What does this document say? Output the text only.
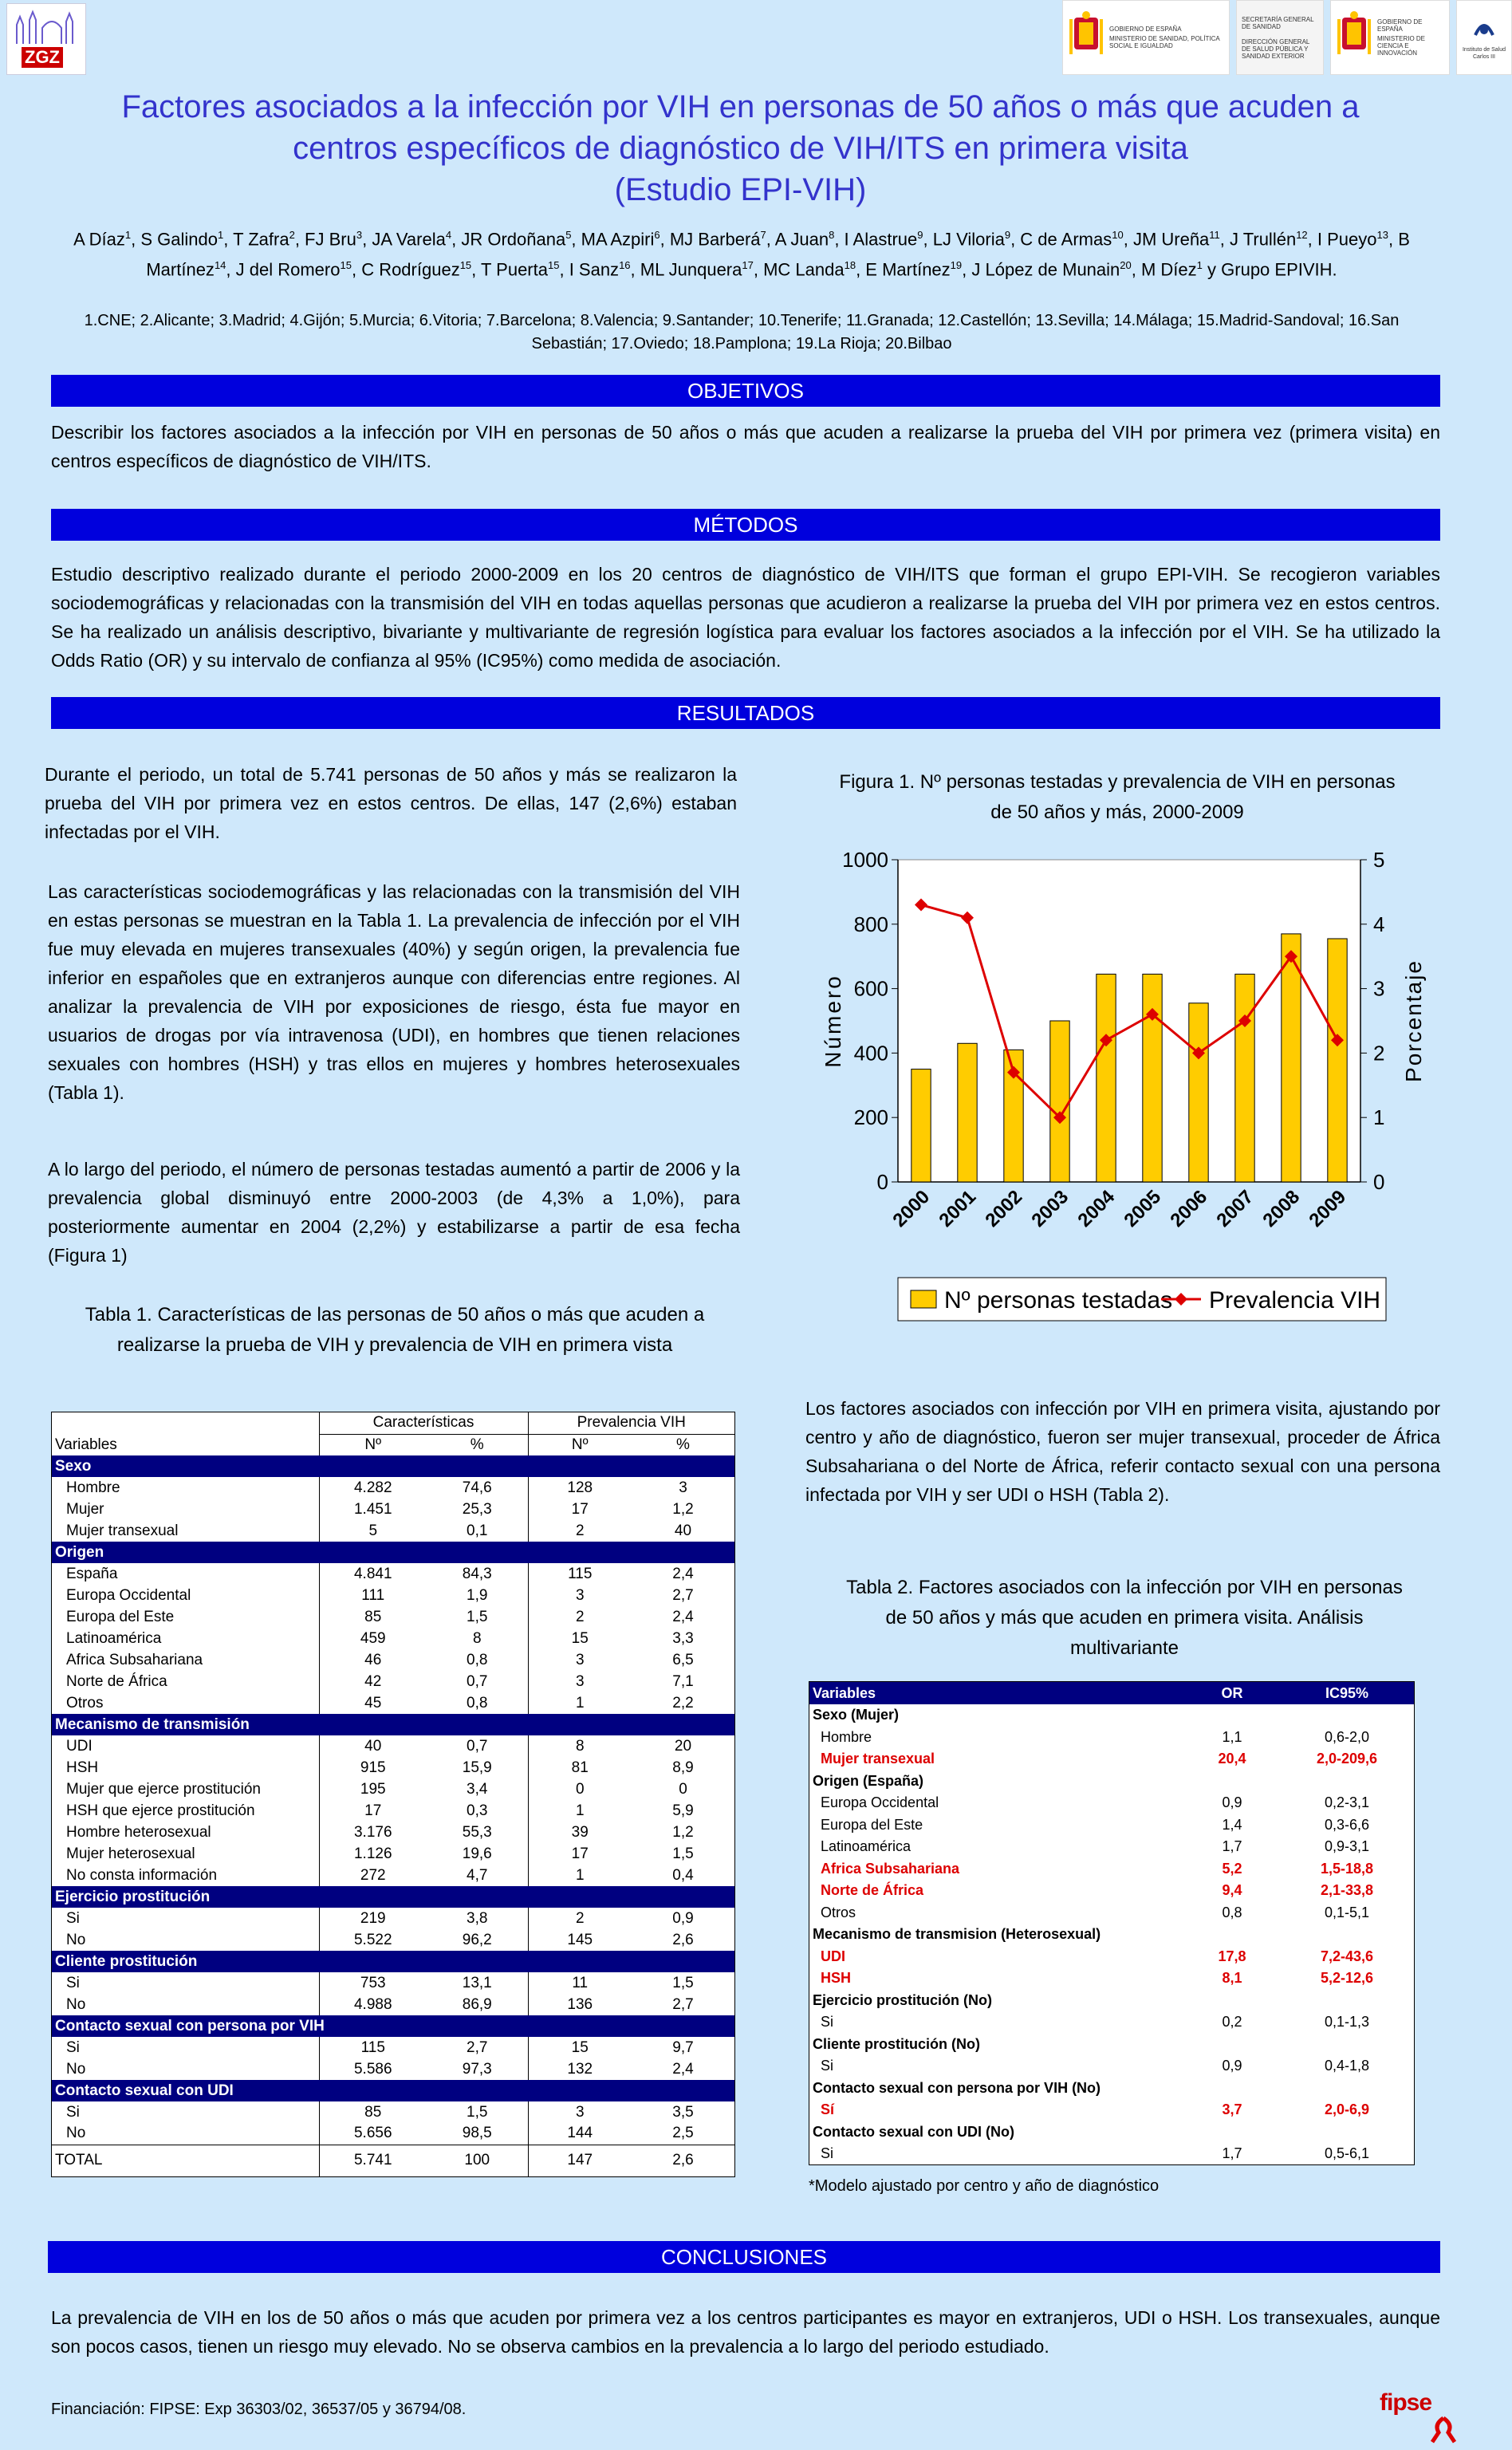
ZGZ
GOBIERNO DE ESPAÑA
MINISTERIO DE SANIDAD, POLÍTICA SOCIAL E IGUALDAD
SECRETARÍA GENERAL DE SANIDAD
DIRECCIÓN GENERAL DE SALUD PÚBLICA Y SANIDAD EXTERIOR
GOBIERNO DE ESPAÑA
MINISTERIO DE CIENCIA E INNOVACIÓN	Instituto de Salud Carlos III
Factores asociados a la infección por VIH en personas de 50 años o más que acuden a
centros específicos de diagnóstico de VIH/ITS en primera visita
(Estudio EPI-VIH)
A Díaz$^1$, S Galindo$^1$, T Zafra$^2$, FJ Bru$^3$, JA Varela$^4$, JR Ordoñana$^5$, MA Azpiri$^6$, MJ Barberá$^7$, A Juan$^8$, I Alastrue$^9$, LJ Viloria$^9$, C de Armas$^{10}$, JM Ureña$^{11}$, J Trullén$^{12}$, I Pueyo$^{13}$, B Martínez$^{14}$, J del Romero$^{15}$, C Rodríguez$^{15}$, T Puerta$^{15}$, I Sanz$^{16}$, ML Junquera$^{17}$, MC Landa$^{18}$, E Martínez$^{19}$, J López de Munain$^{20}$, M Díez$^1$ y Grupo EPIVIH.
1.CNE; 2.Alicante; 3.Madrid; 4.Gijón; 5.Murcia; 6.Vitoria; 7.Barcelona; 8.Valencia; 9.Santander; 10.Tenerife; 11.Granada; 12.Castellón; 13.Sevilla; 14.Málaga; 15.Madrid-Sandoval; 16.San Sebastián; 17.Oviedo; 18.Pamplona; 19.La Rioja; 20.Bilbao
OBJETIVOS
Describir los factores asociados a la infección por VIH en personas de 50 años o más que acuden a realizarse la prueba del VIH por primera vez (primera visita) en centros específicos de diagnóstico de VIH/ITS.
MÉTODOS
Estudio descriptivo realizado durante el periodo 2000-2009 en los 20 centros de diagnóstico de VIH/ITS que forman el grupo EPI-VIH. Se recogieron variables sociodemográficas y relacionadas con la transmisión del VIH en todas aquellas personas que acudieron a realizarse la prueba del VIH por primera vez en estos centros. Se ha realizado un análisis descriptivo, bivariante y multivariante de regresión logística para evaluar los factores asociados a la infección por el VIH. Se ha utilizado la Odds Ratio (OR) y su intervalo de confianza al 95% (IC95%) como medida de asociación.
RESULTADOS
Durante el periodo, un total de 5.741 personas de 50 años y más se realizaron la prueba del VIH por primera vez en estos centros. De ellas, 147 (2,6%) estaban infectadas por el VIH.
Las características sociodemográficas y las relacionadas con la transmisión del VIH en estas personas se muestran en la Tabla 1. La prevalencia de infección por el VIH fue muy elevada en mujeres transexuales (40%) y según origen, la prevalencia fue inferior en españoles que en extranjeros aunque con diferencias entre regiones. Al analizar la prevalencia de VIH por exposiciones de riesgo, ésta fue mayor en usuarios de drogas por vía intravenosa (UDI), en hombres que tienen relaciones sexuales con hombres (HSH) y tras ellos en mujeres y hombres heterosexuales (Tabla 1).
A lo largo del periodo, el número de personas testadas aumentó a partir de 2006 y la prevalencia global disminuyó entre 2000-2003 (de 4,3% a 1,0%), para posteriormente aumentar en 2004 (2,2%) y estabilizarse a partir de esa fecha (Figura 1)
Tabla 1. Características de las personas de 50 años o más que acuden a realizarse la prueba de VIH y prevalencia de VIH en primera vista
	Características		Prevalencia VIH	
Variables	Nº	%	Nº	%
Sexo				
Hombre	4.282	74,6	128	3
Mujer	1.451	25,3	17	1,2
Mujer transexual	5	0,1	2	40
Origen				
España	4.841	84,3	115	2,4
Europa Occidental	111	1,9	3	2,7
Europa del Este	85	1,5	2	2,4
Latinoamérica	459	8	15	3,3
Africa Subsahariana	46	0,8	3	6,5
Norte de África	42	0,7	3	7,1
Otros	45	0,8	1	2,2
Mecanismo de transmisión				
UDI	40	0,7	8	20
HSH	915	15,9	81	8,9
Mujer que ejerce prostitución	195	3,4	0	0
HSH que ejerce prostitución	17	0,3	1	5,9
Hombre heterosexual	3.176	55,3	39	1,2
Mujer heterosexual	1.126	19,6	17	1,5
No consta información	272	4,7	1	0,4
Ejercicio prostitución				
Si	219	3,8	2	0,9
No	5.522	96,2	145	2,6
Cliente prostitución				
Si	753	13,1	11	1,5
No	4.988	86,9	136	2,7
Contacto sexual con persona por VIH				
Si	115	2,7	15	9,7
No	5.586	97,3	132	2,4
Contacto sexual con UDI				
Si	85	1,5	3	3,5
No	5.656	98,5	144	2,5
TOTAL	5.741	100	147	2,6
Figura 1. Nº personas testadas y prevalencia de VIH en personas de 50 años y más, 2000-2009
0
200
400
600
800
1000
0
1
2
3
4
5
2000 2001 2002 2003 2004 2005 2006 2007 2008 2009
Número	Porcentaje
Nº personas testadas Prevalencia VIH
Los factores asociados con infección por VIH en primera visita, ajustando por centro y año de diagnóstico, fueron ser mujer transexual, proceder de África Subsahariana o del Norte de África, referir contacto sexual con una persona infectada por VIH y ser UDI o HSH (Tabla 2).
Tabla 2. Factores asociados con la infección por VIH en personas de 50 años y más que acuden en primera visita. Análisis multivariante
Variables	OR	IC95%
Sexo (Mujer)		
Hombre	1,1	0,6-2,0
Mujer transexual	20,4	2,0-209,6
Origen (España)		
Europa Occidental	0,9	0,2-3,1
Europa del Este	1,4	0,3-6,6
Latinoamérica	1,7	0,9-3,1
Africa Subsahariana	5,2	1,5-18,8
Norte de África	9,4	2,1-33,8
Otros	0,8	0,1-5,1
Mecanismo de transmision (Heterosexual)		
UDI	17,8	7,2-43,6
HSH	8,1	5,2-12,6
Ejercicio prostitución (No)		
Si	0,2	0,1-1,3
Cliente prostitución (No)		
Si	0,9	0,4-1,8
Contacto sexual con persona por VIH (No)		
Sí	3,7	2,0-6,9
Contacto sexual con UDI (No)		
Si	1,7	0,5-6,1
*Modelo ajustado por centro y año de diagnóstico
CONCLUSIONES
La prevalencia de VIH en los de 50 años o más que acuden por primera vez a los centros participantes es mayor en extranjeros, UDI o HSH. Los transexuales, aunque son pocos casos, tienen un riesgo muy elevado. No se observa cambios en la prevalencia a lo largo del periodo estudiado.
Financiación: FIPSE: Exp 36303/02, 36537/05 y 36794/08.	fipse
